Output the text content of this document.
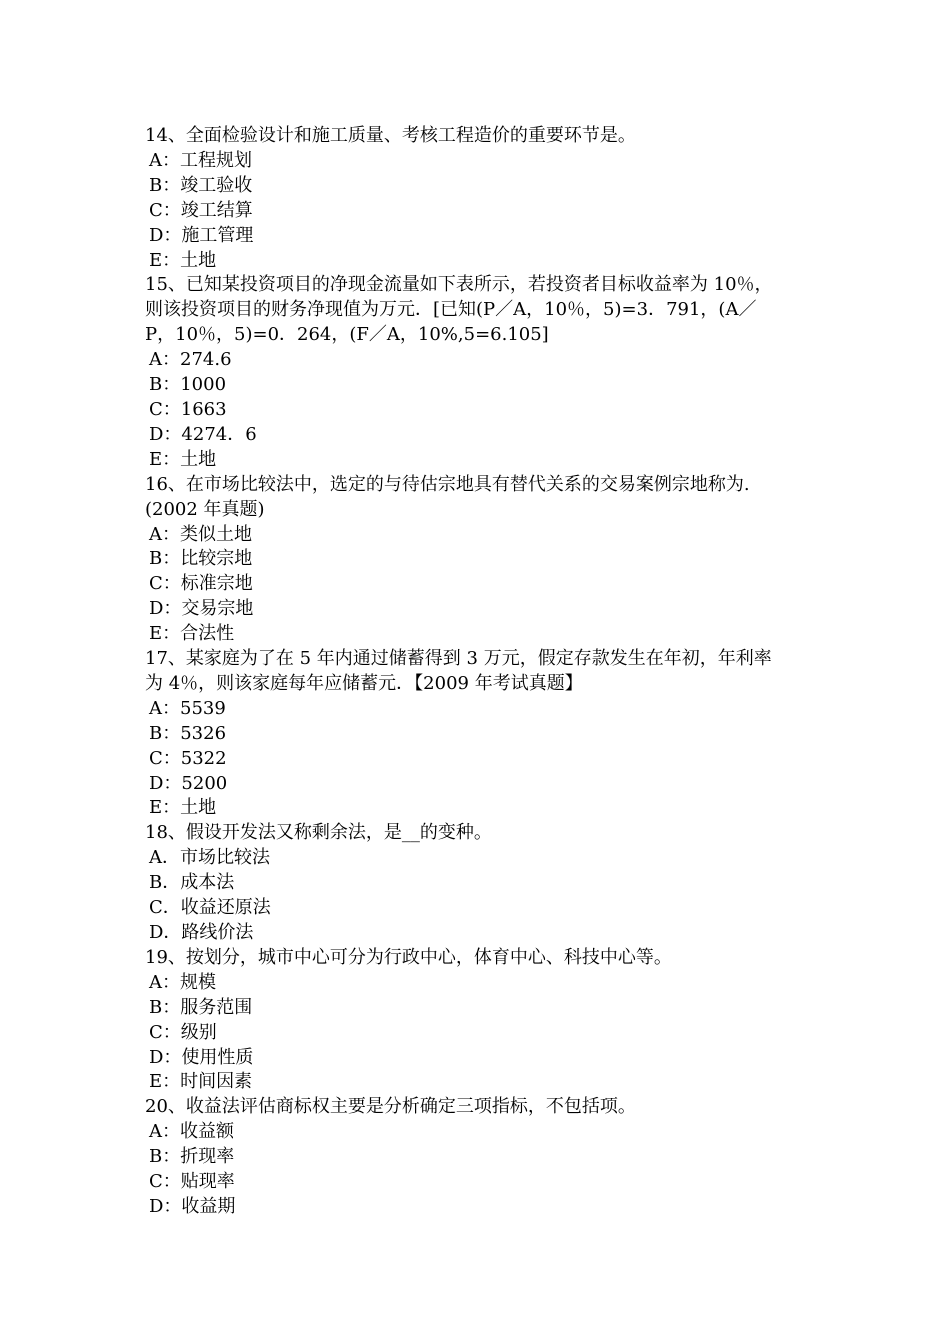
14、全面检验设计和施工质量、考核工程造价的重要环节是。
A：工程规划
B：竣工验收
C：竣工结算
D：施工管理
E：土地
15、已知某投资项目的净现金流量如下表所示，若投资者目标收益率为 10％，
则该投资项目的财务净现值为万元．[已知(P／A，10％，5)=3．791，(A／
P，10％，5)=0．264，(F／A，10%,5=6.105]
A：274.6
B：1000
C：1663
D：4274．6
E：土地
16、在市场比较法中，选定的与待估宗地具有替代关系的交易案例宗地称为.
(2002 年真题)
A：类似土地
B：比较宗地
C：标准宗地
D：交易宗地
E：合法性
17、某家庭为了在 5 年内通过储蓄得到 3 万元，假定存款发生在年初，年利率
为 4％，则该家庭每年应储蓄元．【2009 年考试真题】
A：5539
B：5326
C：5322
D：5200
E：土地
18、假设开发法又称剩余法，是__的变种。
A．市场比较法
B．成本法
C．收益还原法
D．路线价法
19、按划分，城市中心可分为行政中心，体育中心、科技中心等。
A：规模
B：服务范围
C：级别
D：使用性质
E：时间因素
20、收益法评估商标权主要是分析确定三项指标，不包括项。
A：收益额
B：折现率
C：贴现率
D：收益期
